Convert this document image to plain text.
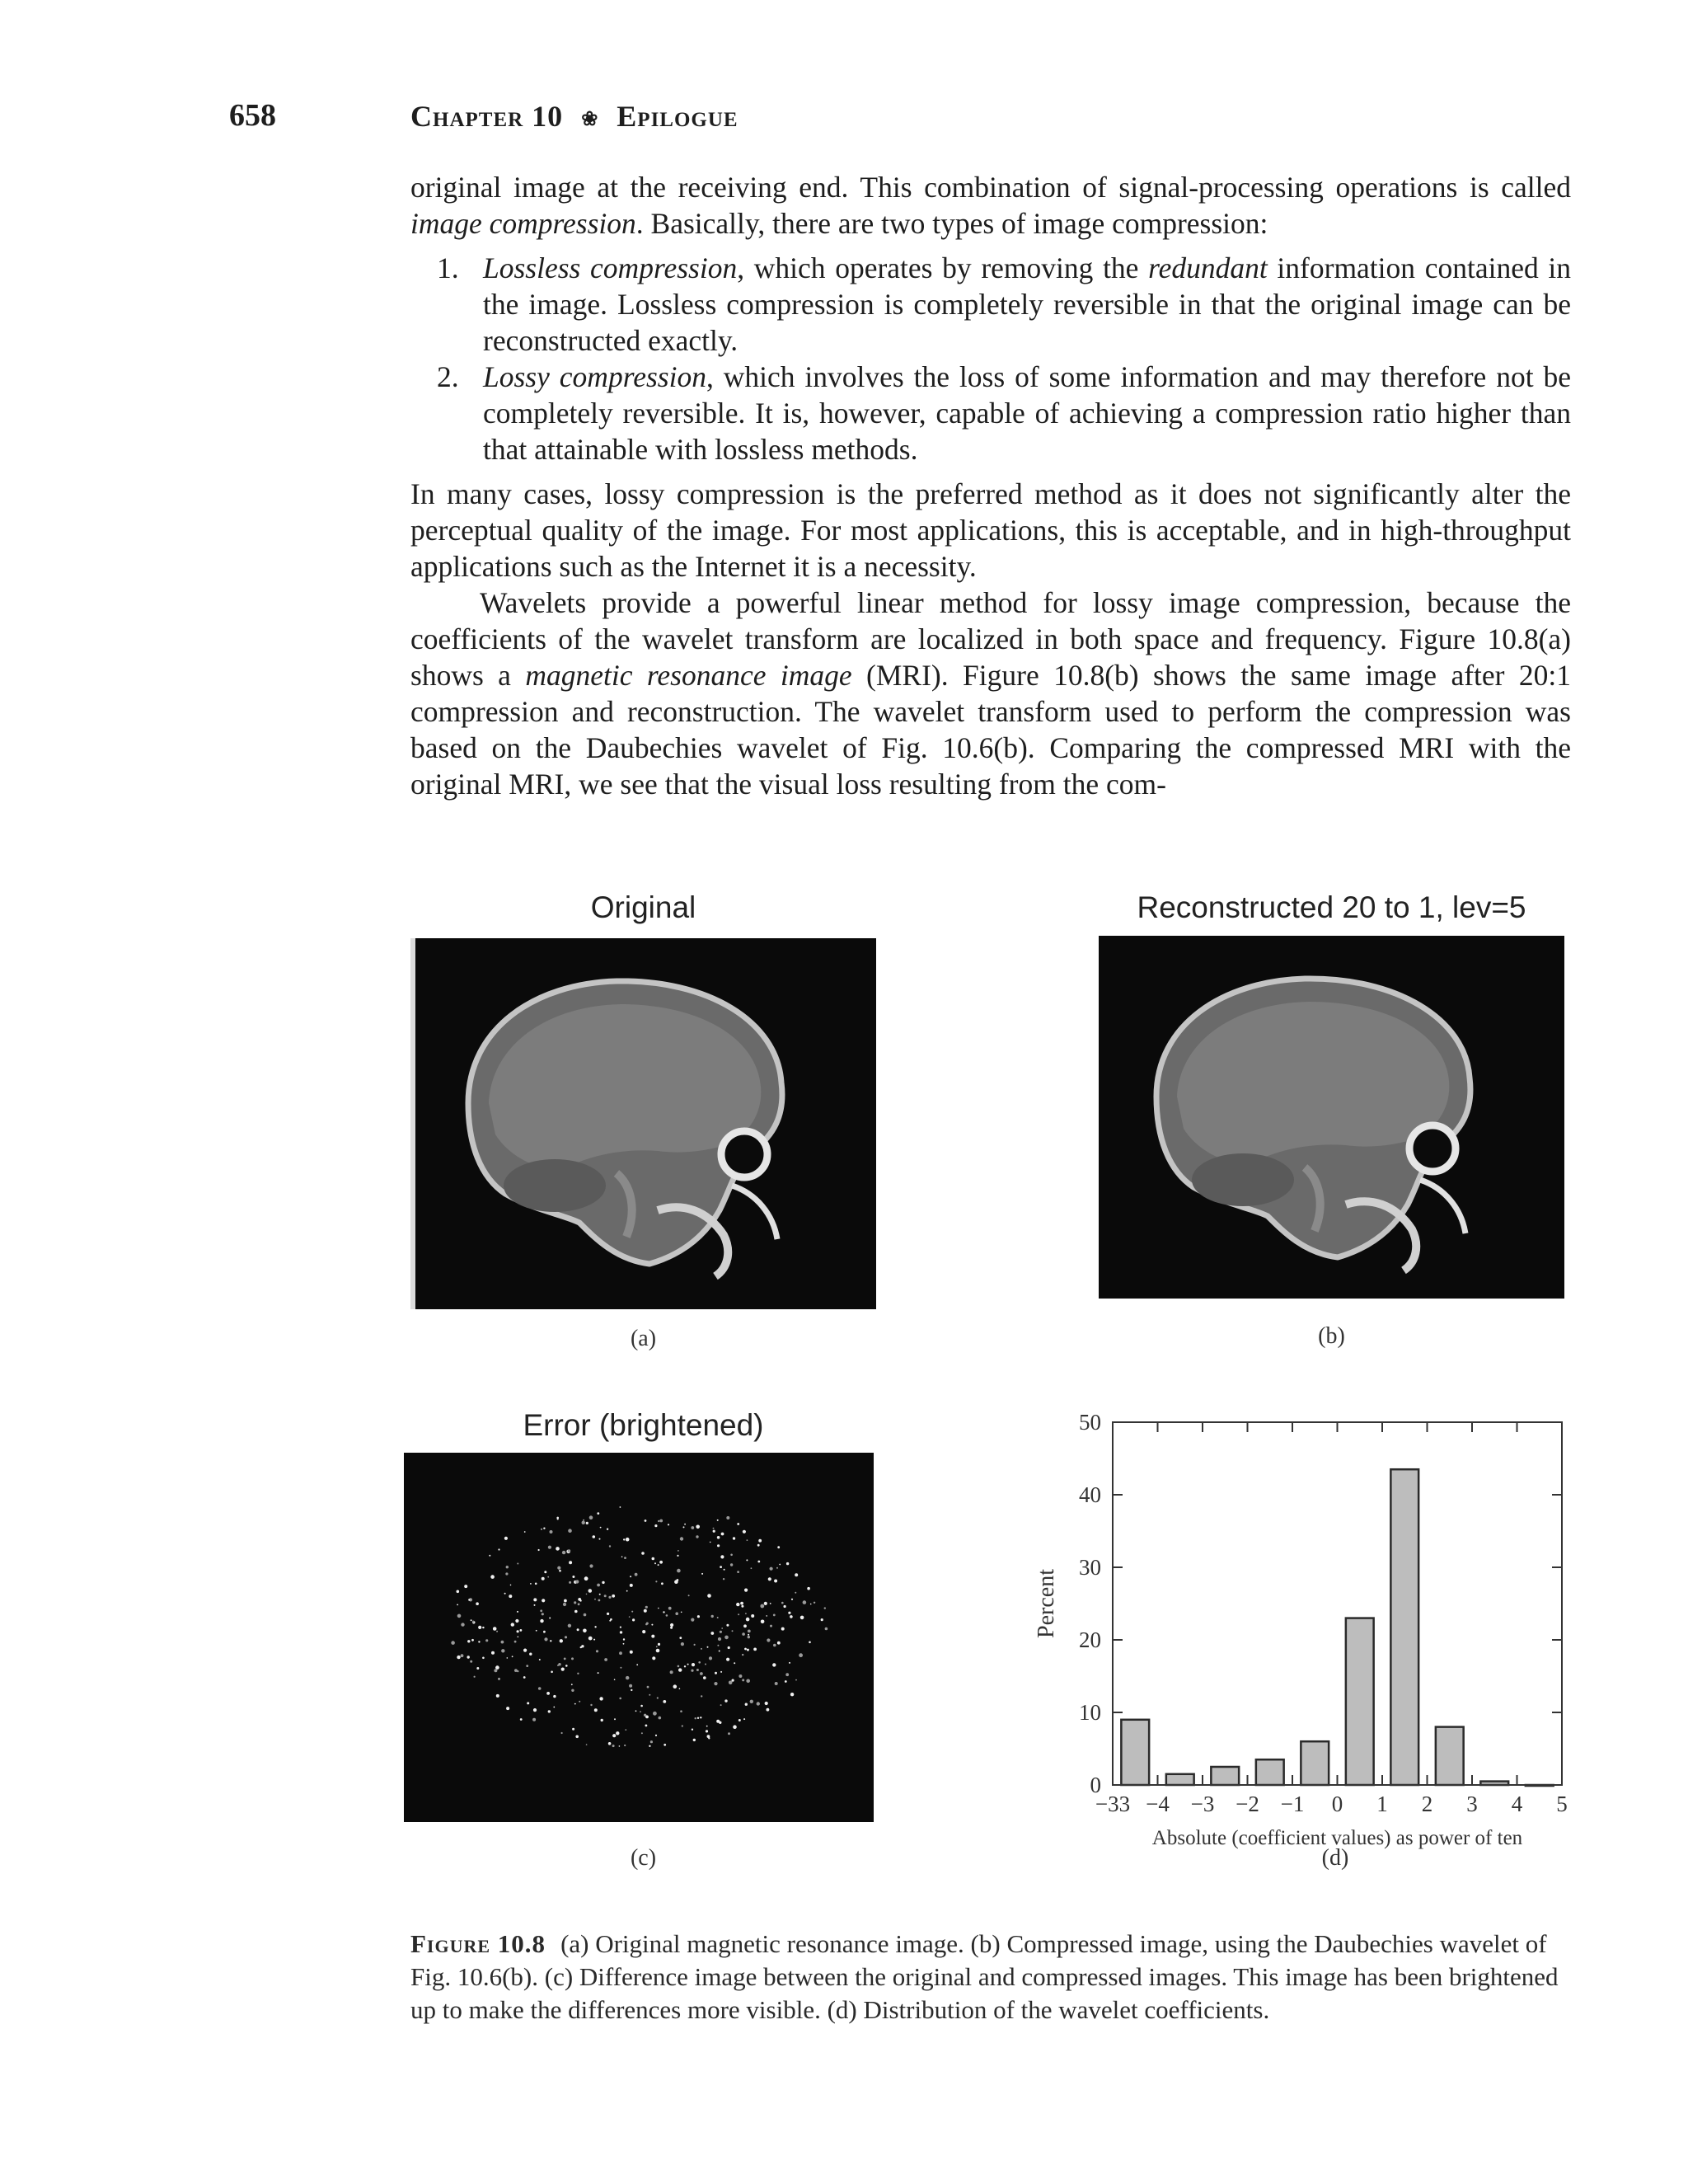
658	Chapter 10 ❀ Epilogue

original image at the receiving end. This combination of signal-processing operations is called image compression. Basically, there are two types of image compression:

1. Lossless compression, which operates by removing the redundant information contained in the image. Lossless compression is completely reversible in that the original image can be reconstructed exactly.
2. Lossy compression, which involves the loss of some information and may therefore not be completely reversible. It is, however, capable of achieving a compression ratio higher than that attainable with lossless methods.

In many cases, lossy compression is the preferred method as it does not significantly alter the perceptual quality of the image. For most applications, this is acceptable, and in high-throughput applications such as the Internet it is a necessity.

Wavelets provide a powerful linear method for lossy image compression, because the coefficients of the wavelet transform are localized in both space and frequency. Figure 10.8(a) shows a magnetic resonance image (MRI). Figure 10.8(b) shows the same image after 20:1 compression and reconstruction. The wavelet transform used to perform the compression was based on the Daubechies wavelet of Fig. 10.6(b). Comparing the compressed MRI with the original MRI, we see that the visual loss resulting from the com-

Original
(a)
Reconstructed 20 to 1, lev=5
(b)
Error (brightened)
(c)
0
10
20
30
40
50
−33 −4 −3 −2 −1 0 1 2 3 4 5
Percent
Absolute (coefficient values) as power of ten
(d)
Figure 10.8 (a) Original magnetic resonance image. (b) Compressed image, using the Daubechies wavelet of Fig. 10.6(b). (c) Difference image between the original and compressed images. This image has been brightened up to make the differences more visible. (d) Distribution of the wavelet coefficients.
